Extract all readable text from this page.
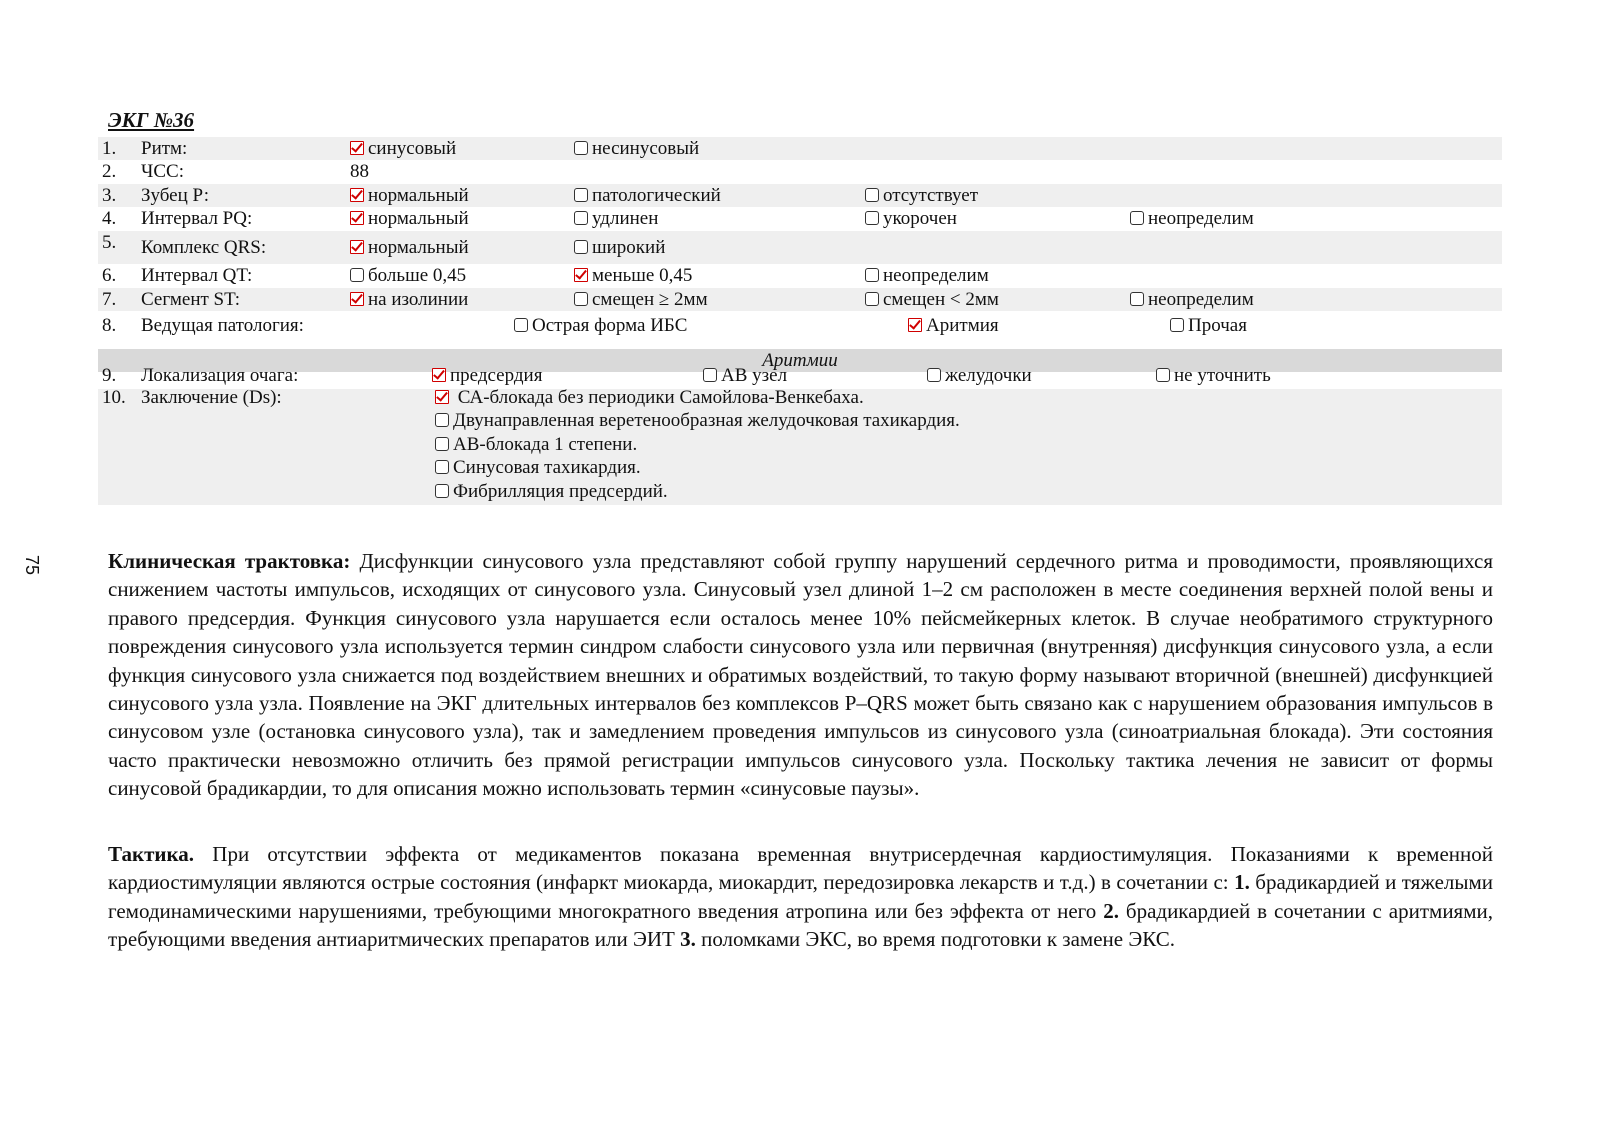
ЭКГ №36
1. Ритм:	синусовый	несинусовый
2. ЧСС:	88
3. Зубец Р:	нормальный	патологический	отсутствует
4. Интервал PQ:	нормальный	удлинен	укорочен	неопределим
5. Комплекс QRS:	нормальный	широкий
6. Интервал QT:	больше 0,45	меньше 0,45	неопределим
7. Сегмент ST:	на изолинии	смещен ≥ 2мм	смещен < 2мм	неопределим
8. Ведущая патология:	Острая форма ИБС	Аритмия	Прочая
Аритмии
9. Локализация очага:	предсердия	АВ узел	желудочки	не уточнить
10. Заключение (Ds):	СА-блокада без периодики Самойлова-Венкебаха.
Двунаправленная веретенообразная желудочковая тахикардия.
АВ-блокада 1 степени.
Синусовая тахикардия.
Фибрилляция предсердий.
75	Клиническая трактовка: Дисфункции синусового узла представляют собой группу нарушений сердечного ритма и проводимости, проявляющихся снижением частоты импульсов, исходящих от синусового узла. Синусовый узел длиной 1–2 см расположен в месте соединения верхней полой вены и правого предсердия. Функция синусового узла нарушается если осталось менее 10% пейсмейкерных клеток. В случае необратимого структурного повреждения синусового узла используется термин синдром слабости синусового узла или первичная (внутренняя) дисфункция синусового узла, а если функция синусового узла снижается под воздействием внешних и обратимых воздействий, то такую форму называют вторичной (внешней) дисфункцией синусового узла узла. Появление на ЭКГ длительных интервалов без комплексов P–QRS может быть связано как с нарушением образования импульсов в синусовом узле (остановка синусового узла), так и замедлением проведения импульсов из синусового узла (синоатриальная блокада). Эти состояния часто практически невозможно отличить без прямой регистрации импульсов синусового узла. Поскольку тактика лечения не зависит от формы синусовой брадикардии, то для описания можно использовать термин «синусовые паузы».

Тактика. При отсутствии эффекта от медикаментов показана временная внутрисердечная кардиостимуляция. Показаниями к временной кардиостимуляции являются острые состояния (инфаркт миокарда, миокардит, передозировка лекарств и т.д.) в сочетании с: 1. брадикардией и тяжелыми гемодинамическими нарушениями, требующими многократного введения атропина или без эффекта от него 2. брадикардией в сочетании с аритмиями, требующими введения антиаритмических препаратов или ЭИТ 3. поломками ЭКС, во время подготовки к замене ЭКС.
